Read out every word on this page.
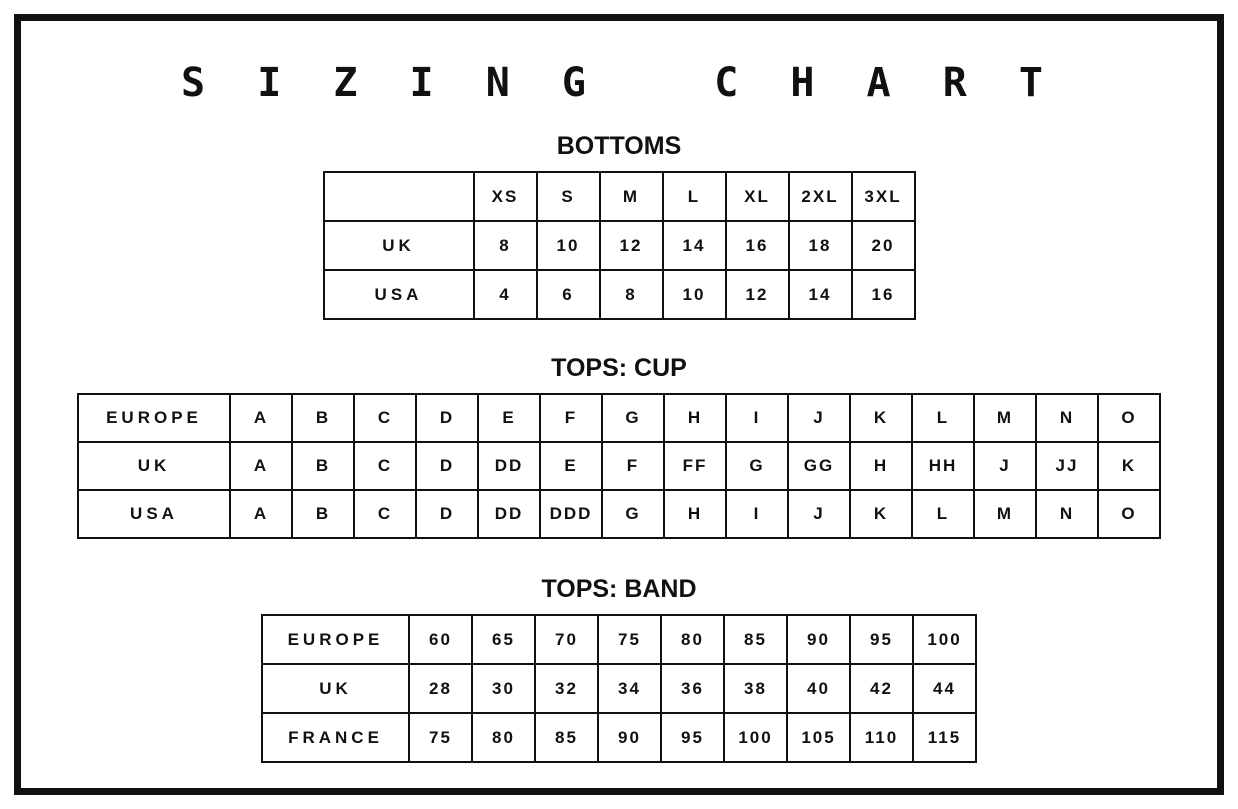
S I Z I N G   C H A R T
BOTTOMS
	XS	S	M	L	XL	2XL	3XL
UK	8	10	12	14	16	18	20
USA	4	6	8	10	12	14	16
TOPS: CUP
EUROPE	A	B	C	D	E	F	G	H	I	J	K	L	M	N	O
UK	A	B	C	D	DD	E	F	FF	G	GG	H	HH	J	JJ	K
USA	A	B	C	D	DD	DDD	G	H	I	J	K	L	M	N	O
TOPS: BAND
EUROPE	60	65	70	75	80	85	90	95	100
UK	28	30	32	34	36	38	40	42	44
FRANCE	75	80	85	90	95	100	105	110	115
